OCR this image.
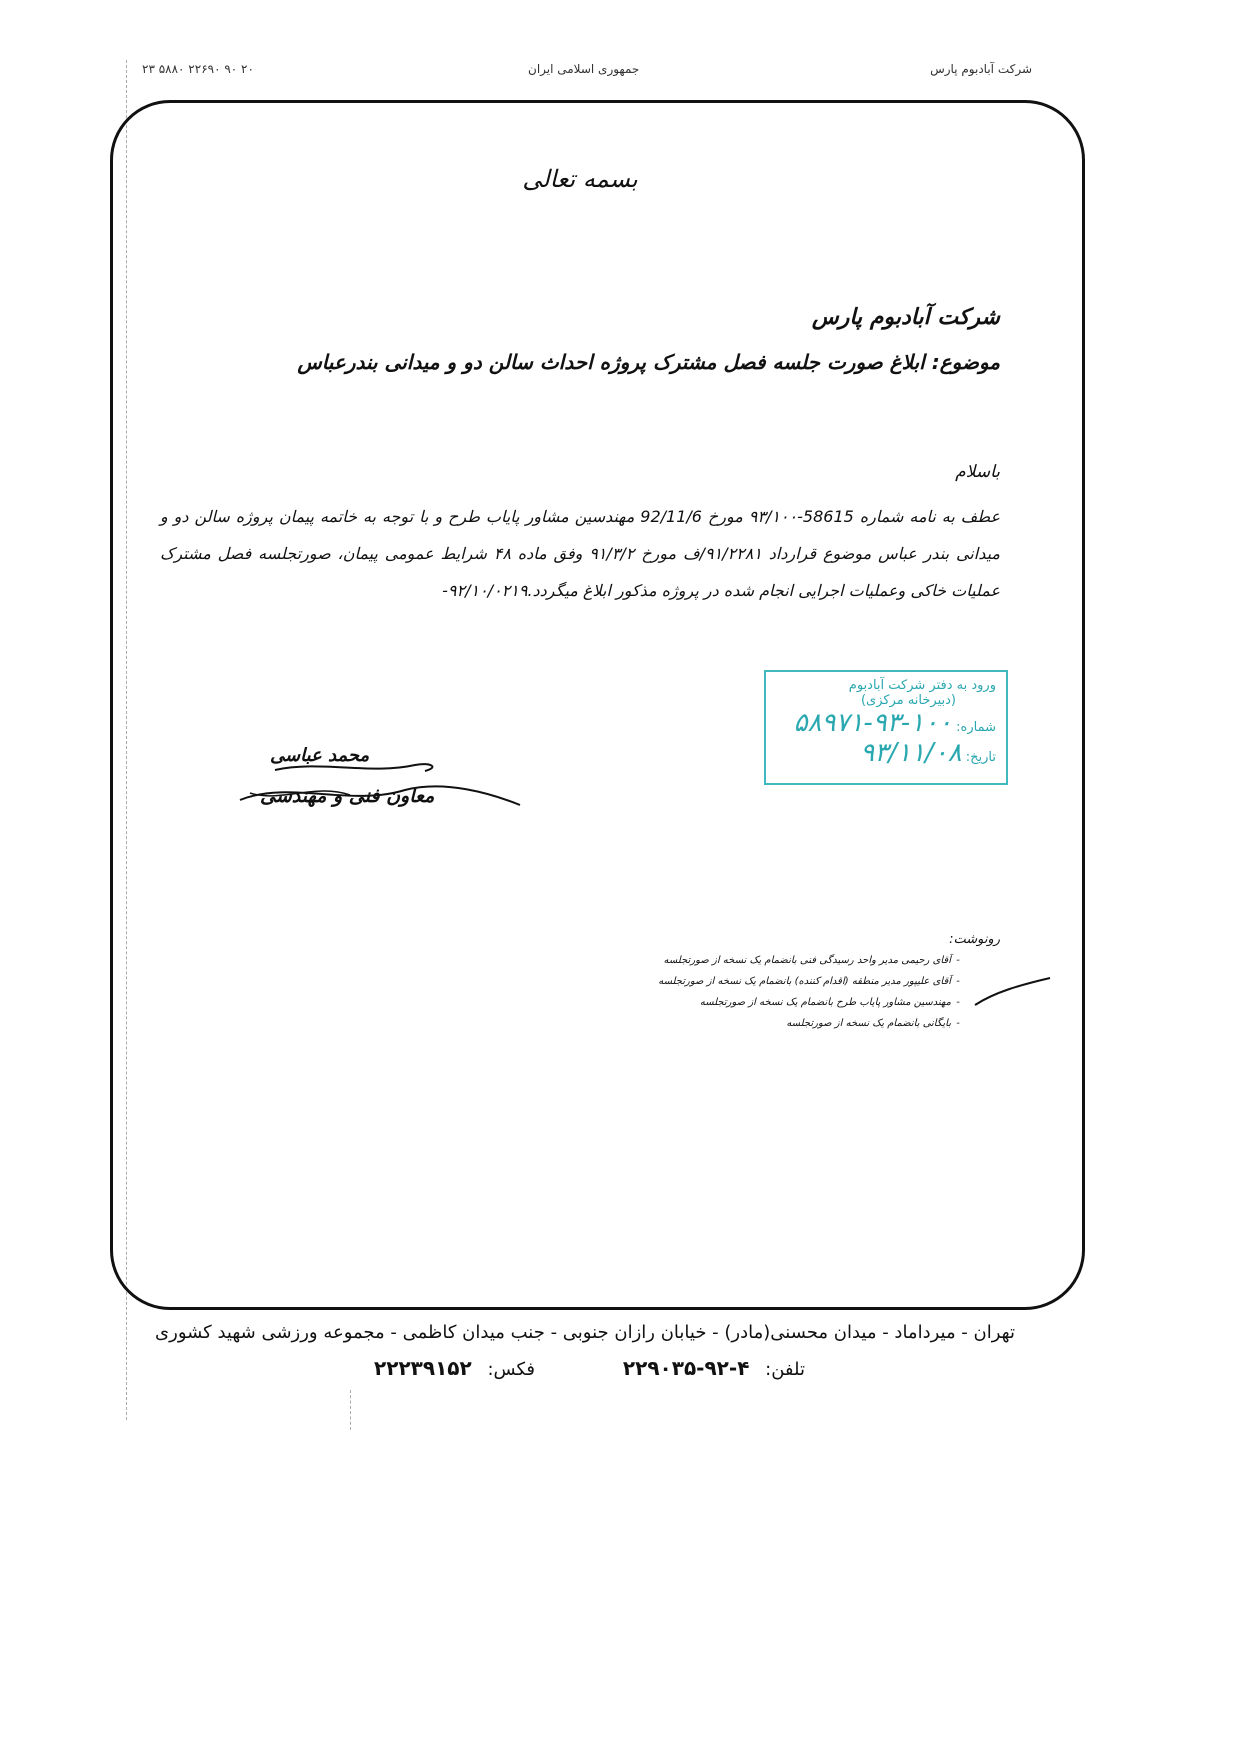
۲۳ ۵۸۸۰ ۲۲۶۹۰ ۹۰ ۲۰	جمهوری اسلامی ایران	شرکت آبادبوم پارس
بسمه تعالی
شرکت آبادبوم پارس
موضوع: ابلاغ صورت جلسه فصل مشترک پروژه احداث سالن دو و میدانی بندرعباس
باسلام
عطف به نامه شماره 58615-۹۳/۱۰۰ مورخ 92/11/6 مهندسین مشاور پایاب طرح و با توجه به خاتمه پیمان پروژه سالن دو و میدانی بندر عباس موضوع قرارداد ۹۱/۲۲۸۱/ف مورخ ۹۱/۳/۲ وفق ماده ۴۸ شرایط عمومی پیمان، صورتجلسه فصل مشترک عملیات خاکی وعملیات اجرایی انجام شده در پروژه مذکور ابلاغ میگردد.۹۲/۱۰/۰۲۱۹-
ورود به دفتر شرکت آبادبوم
(دبیرخانه مرکزی)
شماره: ۱۰۰-۹۳-۵۸۹۷۱
تاریخ: ۹۳/۱۱/۰۸
محمد عباسی
معاون فنی و مهندسی
رونوشت:
-آقای رحیمی مدیر واحد رسیدگی فنی بانضمام یک نسخه از صورتجلسه
-آقای علیپور مدیر منطقه (اقدام کننده) بانضمام یک نسخه از صورتجلسه
-مهندسین مشاور پایاب طرح بانضمام یک نسخه از صورتجلسه
-بایگانی بانضمام یک نسخه از صورتجلسه
تهران - میرداماد - میدان محسنی(مادر) - خیابان رازان جنوبی - جنب میدان کاظمی - مجموعه ورزشی شهید کشوری
تلفن: ۴-۹۲-۲۲۹۰۳۵
فکس: ۲۲۲۳۹۱۵۲
